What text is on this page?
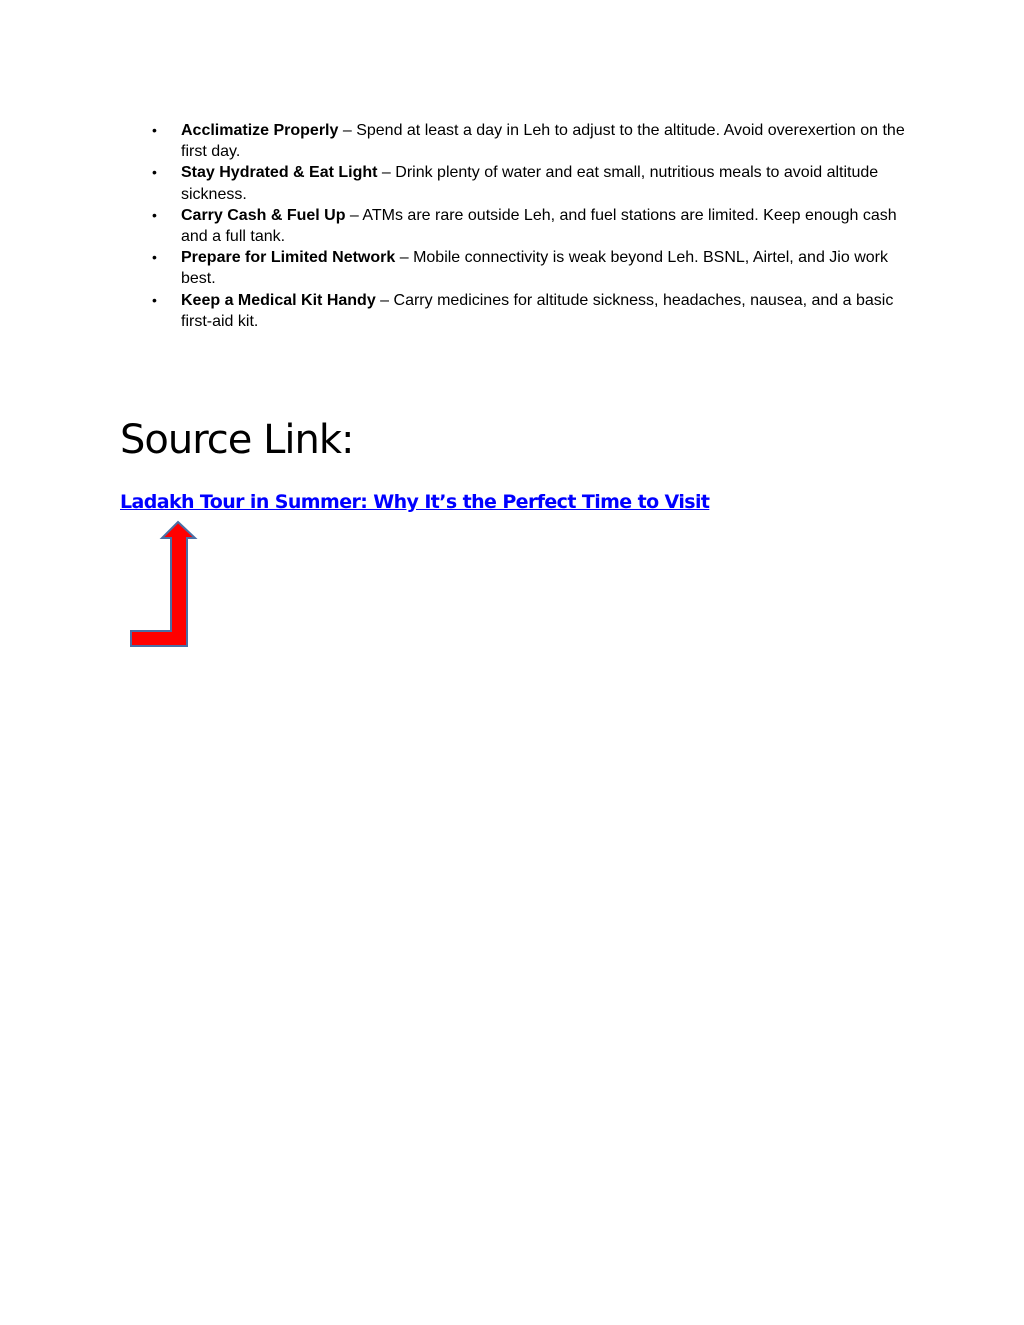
• Acclimatize Properly – Spend at least a day in Leh to adjust to the altitude. Avoid overexertion on the first day.
• Stay Hydrated & Eat Light – Drink plenty of water and eat small, nutritious meals to avoid altitude sickness.
• Carry Cash & Fuel Up – ATMs are rare outside Leh, and fuel stations are limited. Keep enough cash and a full tank.
• Prepare for Limited Network – Mobile connectivity is weak beyond Leh. BSNL, Airtel, and Jio work best.
• Keep a Medical Kit Handy – Carry medicines for altitude sickness, headaches, nausea, and a basic first-aid kit.
Source Link:
Ladakh Tour in Summer: Why It’s the Perfect Time to Visit
